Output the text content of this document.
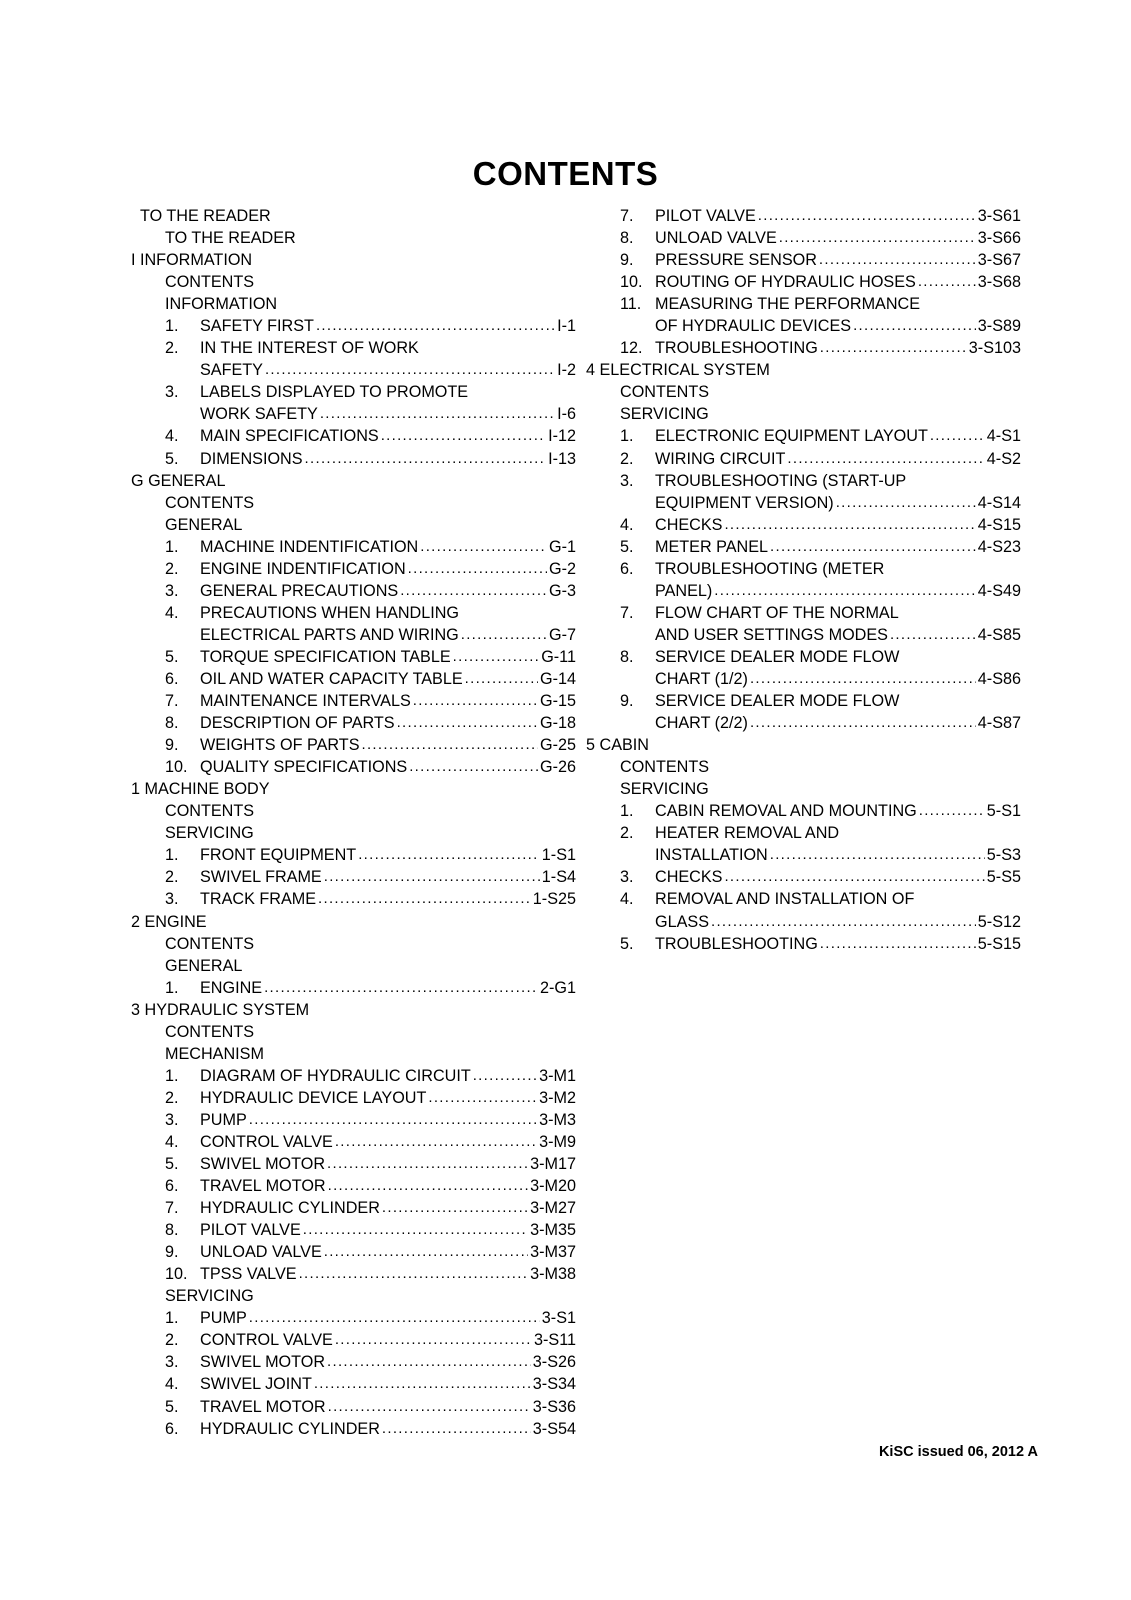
CONTENTS
TO THE READER
TO THE READER
I INFORMATION
CONTENTS
INFORMATION
1.	SAFETY FIRST .....	I-1
2.	IN THE INTEREST OF WORK
SAFETY .....	I-2
3.	LABELS DISPLAYED TO PROMOTE
WORK SAFETY .....	I-6
4.	MAIN SPECIFICATIONS .....	I-12
5.	DIMENSIONS .....	I-13
G GENERAL
CONTENTS
GENERAL
1.	MACHINE INDENTIFICATION .....	G-1
2.	ENGINE INDENTIFICATION .....	G-2
3.	GENERAL PRECAUTIONS .....	G-3
4.	PRECAUTIONS WHEN HANDLING
ELECTRICAL PARTS AND WIRING .....	G-7
5.	TORQUE SPECIFICATION TABLE .....	G-11
6.	OIL AND WATER CAPACITY TABLE .....	G-14
7.	MAINTENANCE INTERVALS .....	G-15
8.	DESCRIPTION OF PARTS .....	G-18
9.	WEIGHTS OF PARTS .....	G-25
10. QUALITY SPECIFICATIONS .....	G-26
1 MACHINE BODY
CONTENTS
SERVICING
1.	FRONT EQUIPMENT .....	1-S1
2.	SWIVEL FRAME .....	1-S4
3.	TRACK FRAME .....	1-S25
2 ENGINE
CONTENTS
GENERAL
1.	ENGINE .....	2-G1
3 HYDRAULIC SYSTEM
CONTENTS
MECHANISM
1.	DIAGRAM OF HYDRAULIC CIRCUIT .....	3-M1
2.	HYDRAULIC DEVICE LAYOUT .....	3-M2
3.	PUMP .....	3-M3
4.	CONTROL VALVE .....	3-M9
5.	SWIVEL MOTOR .....	3-M17
6.	TRAVEL MOTOR .....	3-M20
7.	HYDRAULIC CYLINDER .....	3-M27
8.	PILOT VALVE .....	3-M35
9.	UNLOAD VALVE .....	3-M37
10. TPSS VALVE .....	3-M38
SERVICING
1.	PUMP .....	3-S1
2.	CONTROL VALVE .....	3-S11
3.	SWIVEL MOTOR .....	3-S26
4.	SWIVEL JOINT .....	3-S34
5.	TRAVEL MOTOR .....	3-S36
6.	HYDRAULIC CYLINDER .....	3-S54
7.	PILOT VALVE .....	3-S61
8.	UNLOAD VALVE .....	3-S66
9.	PRESSURE SENSOR .....	3-S67
10. ROUTING OF HYDRAULIC HOSES .....	3-S68
11. MEASURING THE PERFORMANCE
OF HYDRAULIC DEVICES .....	3-S89
12. TROUBLESHOOTING .....	3-S103
4 ELECTRICAL SYSTEM
CONTENTS
SERVICING
1.	ELECTRONIC EQUIPMENT LAYOUT .....	4-S1
2.	WIRING CIRCUIT .....	4-S2
3.	TROUBLESHOOTING (START-UP
EQUIPMENT VERSION) .....	4-S14
4.	CHECKS .....	4-S15
5.	METER PANEL .....	4-S23
6.	TROUBLESHOOTING (METER
PANEL) .....	4-S49
7.	FLOW CHART OF THE NORMAL
AND USER SETTINGS MODES .....	4-S85
8.	SERVICE DEALER MODE FLOW
CHART (1/2) .....	4-S86
9.	SERVICE DEALER MODE FLOW
CHART (2/2) .....	4-S87
5 CABIN
CONTENTS
SERVICING
1.	CABIN REMOVAL AND MOUNTING .....	5-S1
2.	HEATER REMOVAL AND
INSTALLATION .....	5-S3
3.	CHECKS .....	5-S5
4.	REMOVAL AND INSTALLATION OF
GLASS .....	5-S12
5.	TROUBLESHOOTING .....	5-S15
KiSC issued 06, 2012 A
